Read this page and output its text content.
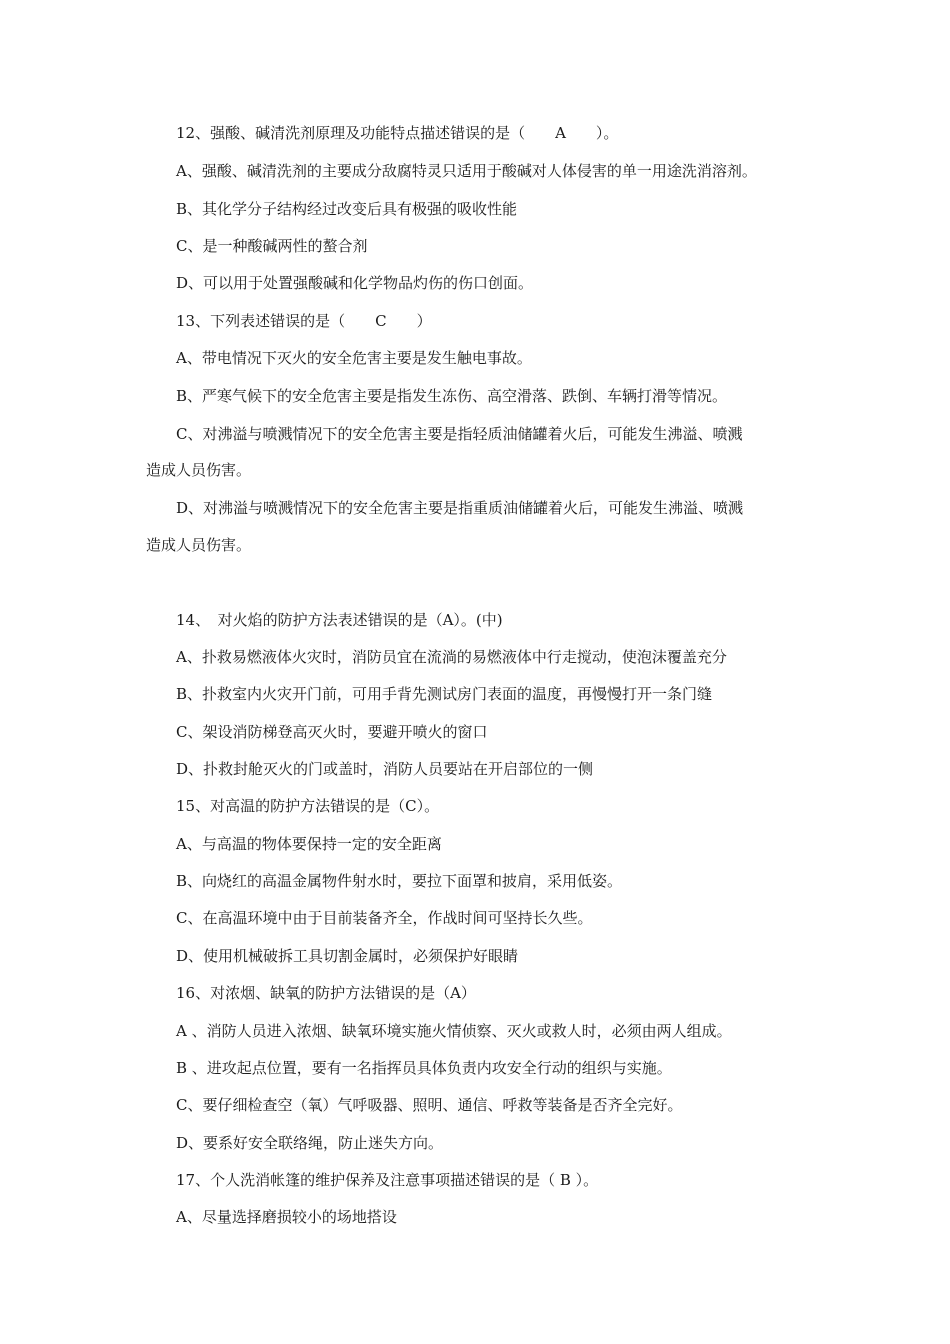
12、强酸、碱清洗剂原理及功能特点描述错误的是（　　A　　）。
A、强酸、碱清洗剂的主要成分敌腐特灵只适用于酸碱对人体侵害的单一用途洗消溶剂。
B、其化学分子结构经过改变后具有极强的吸收性能
C、是一种酸碱两性的螯合剂
D、可以用于处置强酸碱和化学物品灼伤的伤口创面。
13、下列表述错误的是（　　C　　）
A、带电情况下灭火的安全危害主要是发生触电事故。
B、严寒气候下的安全危害主要是指发生冻伤、高空滑落、跌倒、车辆打滑等情况。
C、对沸溢与喷溅情况下的安全危害主要是指轻质油储罐着火后，可能发生沸溢、喷溅
造成人员伤害。
D、对沸溢与喷溅情况下的安全危害主要是指重质油储罐着火后，可能发生沸溢、喷溅
造成人员伤害。
14、　对火焰的防护方法表述错误的是（A）。(中)
A、扑救易燃液体火灾时，消防员宜在流淌的易燃液体中行走搅动，使泡沫覆盖充分
B、扑救室内火灾开门前，可用手背先测试房门表面的温度，再慢慢打开一条门缝
C、架设消防梯登高灭火时，要避开喷火的窗口
D、扑救封舱灭火的门或盖时，消防人员要站在开启部位的一侧
15、对高温的防护方法错误的是（C）。
A、与高温的物体要保持一定的安全距离
B、向烧红的高温金属物件射水时，要拉下面罩和披肩，采用低姿。
C、在高温环境中由于目前装备齐全，作战时间可坚持长久些。
D、使用机械破拆工具切割金属时，必须保护好眼睛
16、对浓烟、缺氧的防护方法错误的是（A）
A 、消防人员进入浓烟、缺氧环境实施火情侦察、灭火或救人时，必须由两人组成。
B 、进攻起点位置，要有一名指挥员具体负责内攻安全行动的组织与实施。
C、要仔细检查空（氧）气呼吸器、照明、通信、呼救等装备是否齐全完好。
D、要系好安全联络绳，防止迷失方向。
17、个人洗消帐篷的维护保养及注意事项描述错误的是（ B ）。
A、尽量选择磨损较小的场地搭设
